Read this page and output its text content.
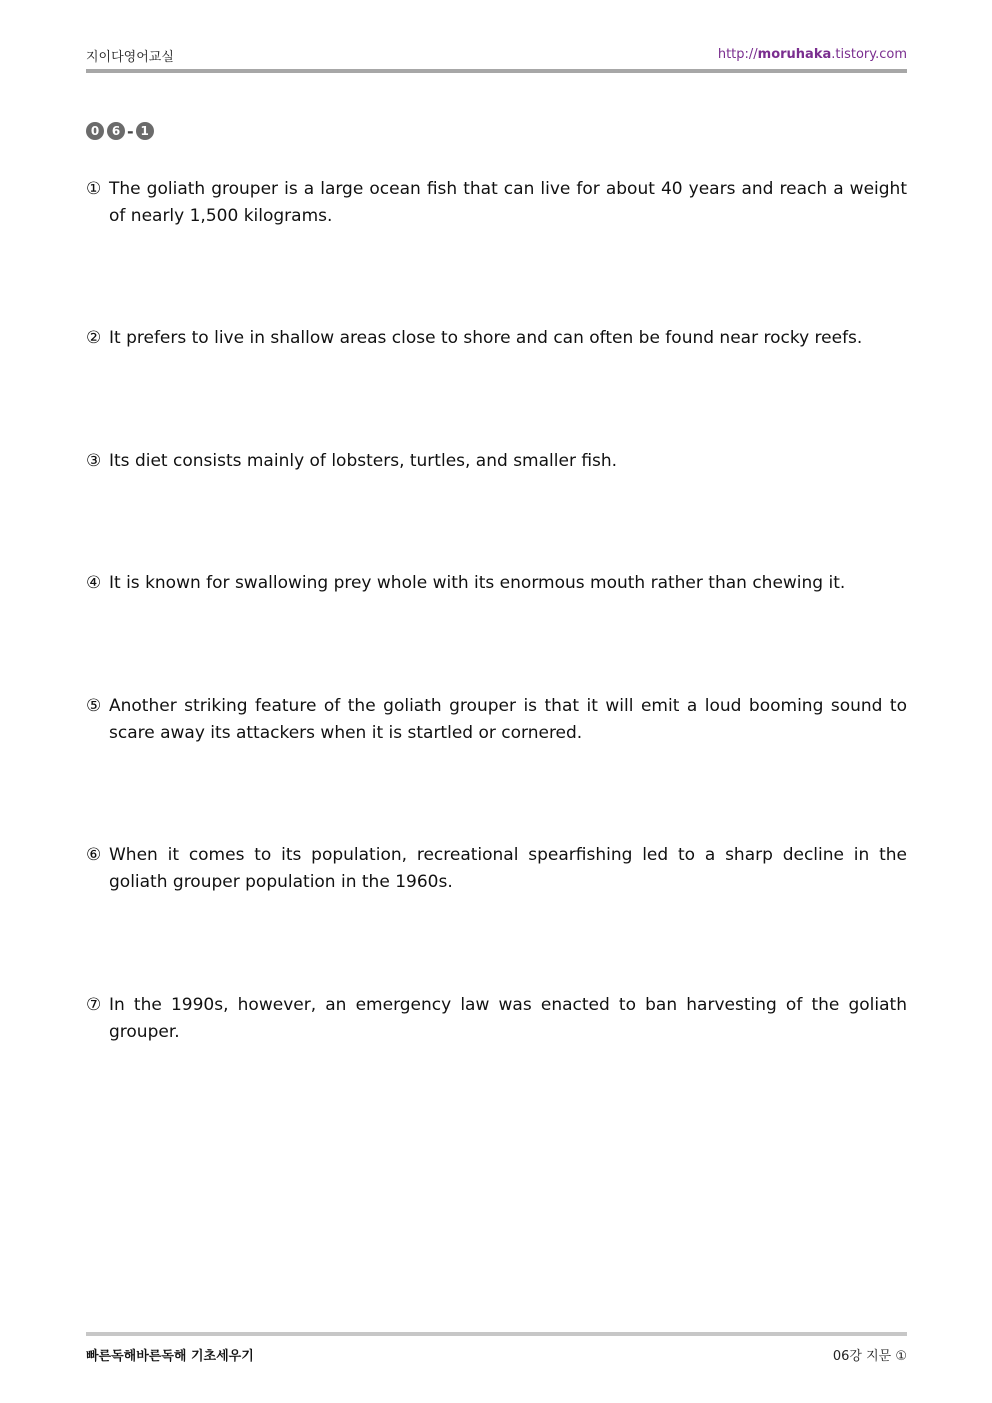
지이다영어교실	http://moruhaka.tistory.com
0	6 - 1
① The goliath grouper is a large ocean fish that can live for about 40 years and reach a weight of nearly 1,500 kilograms.
② It prefers to live in shallow areas close to shore and can often be found near rocky reefs.
③ Its diet consists mainly of lobsters, turtles, and smaller fish.
④ It is known for swallowing prey whole with its enormous mouth rather than chewing it.
⑤ Another striking feature of the goliath grouper is that it will emit a loud booming sound to scare away its attackers when it is startled or cornered.
⑥ When it comes to its population, recreational spearfishing led to a sharp decline in the goliath grouper population in the 1960s.
⑦ In the 1990s, however, an emergency law was enacted to ban harvesting of the goliath grouper.
빠른독해바른독해 기초세우기	06강 지문 ①
